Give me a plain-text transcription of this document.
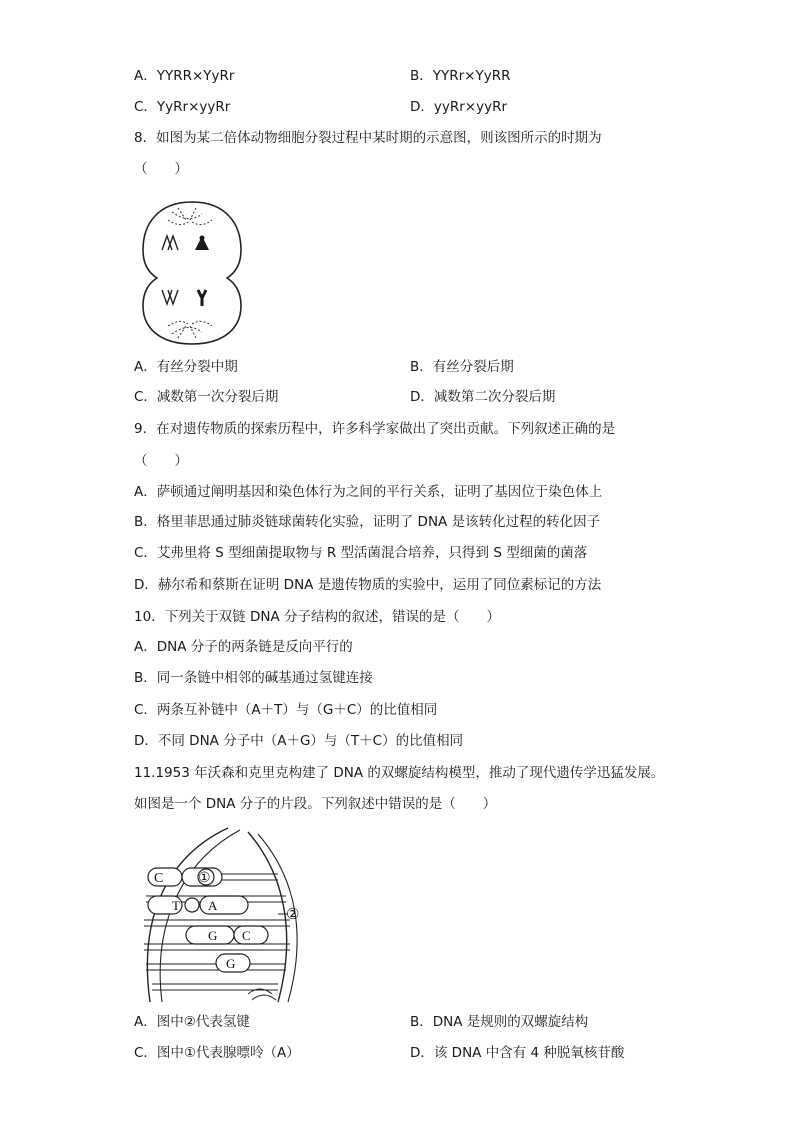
A．YYRR×YyRr	B．YYRr×YyRR
C．YyRr×yyRr	D．yyRr×yyRr
8．如图为某二倍体动物细胞分裂过程中某时期的示意图，则该图所示的时期为
（　　）
A．有丝分裂中期	B．有丝分裂后期
C．减数第一次分裂后期	D．减数第二次分裂后期
9．在对遗传物质的探索历程中，许多科学家做出了突出贡献。下列叙述正确的是
（　　）
A．萨顿通过阐明基因和染色体行为之间的平行关系，证明了基因位于染色体上
B．格里菲思通过肺炎链球菌转化实验，证明了 DNA 是该转化过程的转化因子
C．艾弗里将 S 型细菌提取物与 R 型活菌混合培养，只得到 S 型细菌的菌落
D．赫尔希和蔡斯在证明 DNA 是遗传物质的实验中，运用了同位素标记的方法
10．下列关于双链 DNA 分子结构的叙述，错误的是（　　）
A．DNA 分子的两条链是反向平行的
B．同一条链中相邻的碱基通过氢键连接
C．两条互补链中（A＋T）与（G＋C）的比值相同
D．不同 DNA 分子中（A＋G）与（T＋C）的比值相同
11.1953 年沃森和克里克构建了 DNA 的双螺旋结构模型，推动了现代遗传学迅猛发展。
如图是一个 DNA 分子的片段。下列叙述中错误的是（　　）
C ①
T A
②
G C
G
A．图中②代表氢键	B．DNA 是规则的双螺旋结构
C．图中①代表腺嘌呤（A）	D．该 DNA 中含有 4 种脱氧核苷酸
